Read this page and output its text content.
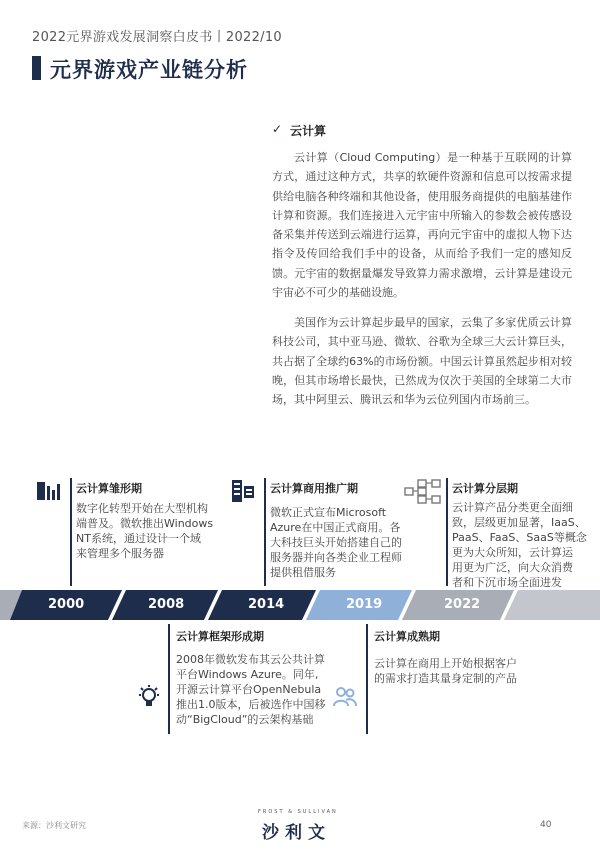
2022元界游戏发展洞察白皮书丨2022/10
元界游戏产业链分析
✓ 云计算
云计算（Cloud Computing）是一种基于互联网的计算方式，通过这种方式，共享的软硬件资源和信息可以按需求提供给电脑各种终端和其他设备，使用服务商提供的电脑基建作计算和资源。我们连接进入元宇宙中所输入的参数会被传感设备采集并传送到云端进行运算，再向元宇宙中的虚拟人物下达指令及传回给我们手中的设备，从而给予我们一定的感知反馈。元宇宙的数据量爆发导致算力需求激增，云计算是建设元宇宙必不可少的基础设施。
美国作为云计算起步最早的国家，云集了多家优质云计算科技公司，其中亚马逊、微软、谷歌为全球三大云计算巨头，共占据了全球约63%的市场份额。中国云计算虽然起步相对较晚，但其市场增长最快，已然成为仅次于美国的全球第二大市场，其中阿里云、腾讯云和华为云位列国内市场前三。
云计算雏形期
数字化转型开始在大型机构
端普及。微软推出Windows
NT系统，通过设计一个域
来管理多个服务器
云计算商用推广期
微软正式宣布Microsoft
Azure在中国正式商用。各
大科技巨头开始搭建自己的
服务器并向各类企业工程师
提供租借服务
云计算分层期
云计算产品分类更全面细
致，层级更加显著，IaaS、
PaaS、FaaS、SaaS等概念
更为大众所知，云计算运
用更为广泛，向大众消费
者和下沉市场全面进发
2000	2008	2014	2019	2022
云计算框架形成期
2008年微软发布其云公共计算
平台Windows Azure。同年,
开源云计算平台OpenNebula
推出1.0版本，后被选作中国移
动“BigCloud”的云架构基础
云计算成熟期
云计算在商用上开始根据客户
的需求打造其量身定制的产品
来源：沙利文研究
FROST & SULLIVAN
沙利文	40
